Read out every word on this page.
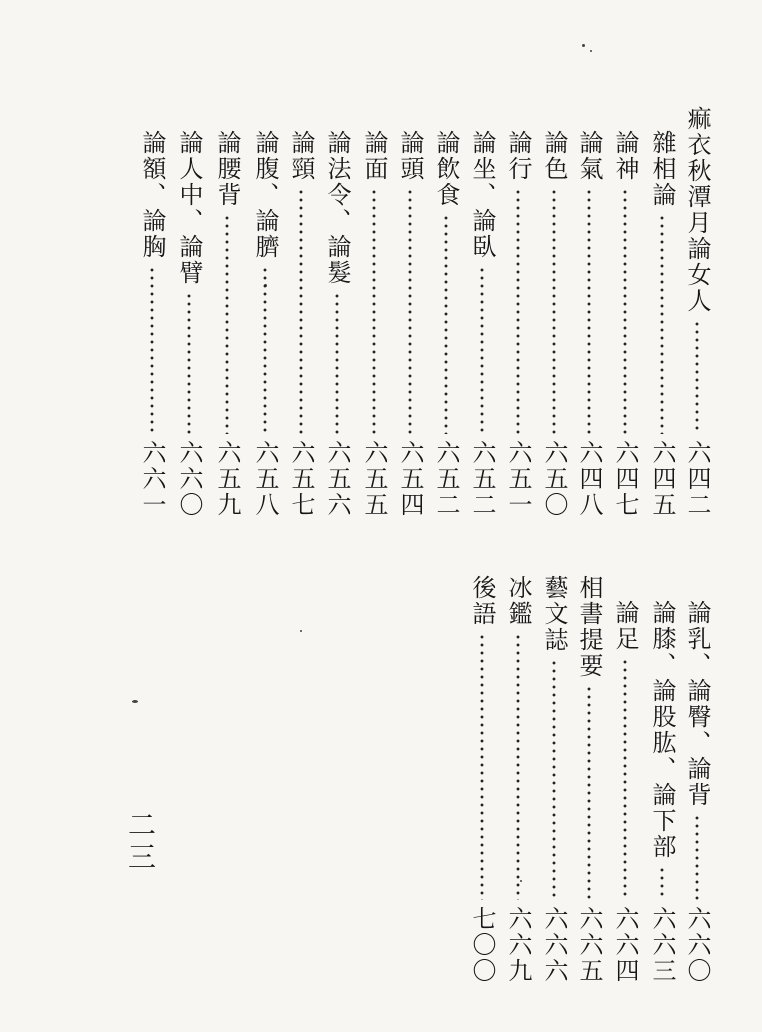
痲衣秋潭月論女人
六四二
雜相論
六四五
論神
六四七
論氣
六四八
論色
六五〇
論行
六五一
論坐、論臥
六五二
論飲食
六五二
論頭
六五四
論面
六五五
論法令、論髮
六五六
論頸
六五七
論腹、論臍
六五八
論腰背
六五九
論人中、論臂
六六〇
論額、論胸
六六一
論乳、論臀、論背
六六〇
論膝、論股肱、論下部
六六三
論足
六六四
相書提要
六六五
藝文誌
六六六
冰鑑
六六九
後語
七〇〇
二三
